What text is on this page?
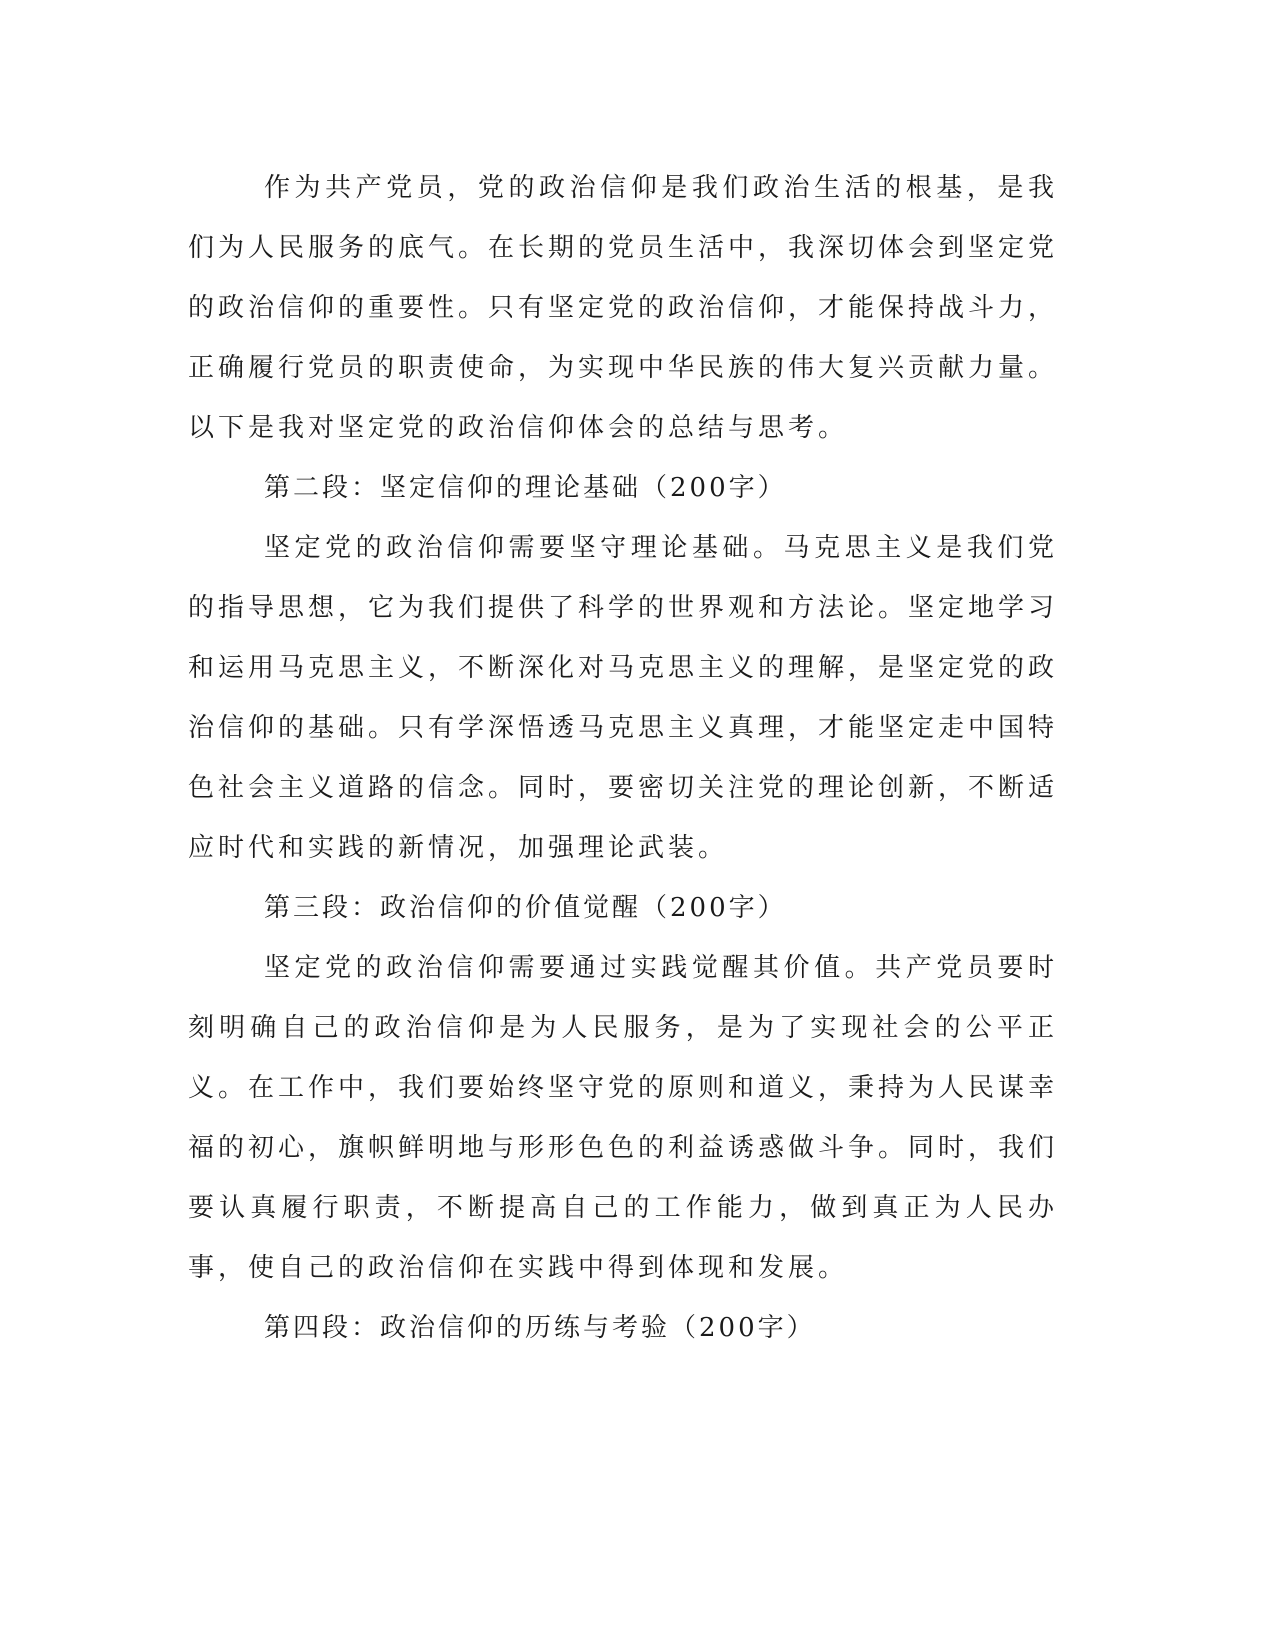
作为共产党员，党的政治信仰是我们政治生活的根基，是我们为人民服务的底气。在长期的党员生活中，我深切体会到坚定党的政治信仰的重要性。只有坚定党的政治信仰，才能保持战斗力，正确履行党员的职责使命，为实现中华民族的伟大复兴贡献力量。以下是我对坚定党的政治信仰体会的总结与思考。

第二段：坚定信仰的理论基础（200字）

坚定党的政治信仰需要坚守理论基础。马克思主义是我们党的指导思想，它为我们提供了科学的世界观和方法论。坚定地学习和运用马克思主义，不断深化对马克思主义的理解，是坚定党的政治信仰的基础。只有学深悟透马克思主义真理，才能坚定走中国特色社会主义道路的信念。同时，要密切关注党的理论创新，不断适应时代和实践的新情况，加强理论武装。

第三段：政治信仰的价值觉醒（200字）

坚定党的政治信仰需要通过实践觉醒其价值。共产党员要时刻明确自己的政治信仰是为人民服务，是为了实现社会的公平正义。在工作中，我们要始终坚守党的原则和道义，秉持为人民谋幸福的初心，旗帜鲜明地与形形色色的利益诱惑做斗争。同时，我们要认真履行职责，不断提高自己的工作能力，做到真正为人民办事，使自己的政治信仰在实践中得到体现和发展。

第四段：政治信仰的历练与考验（200字）
